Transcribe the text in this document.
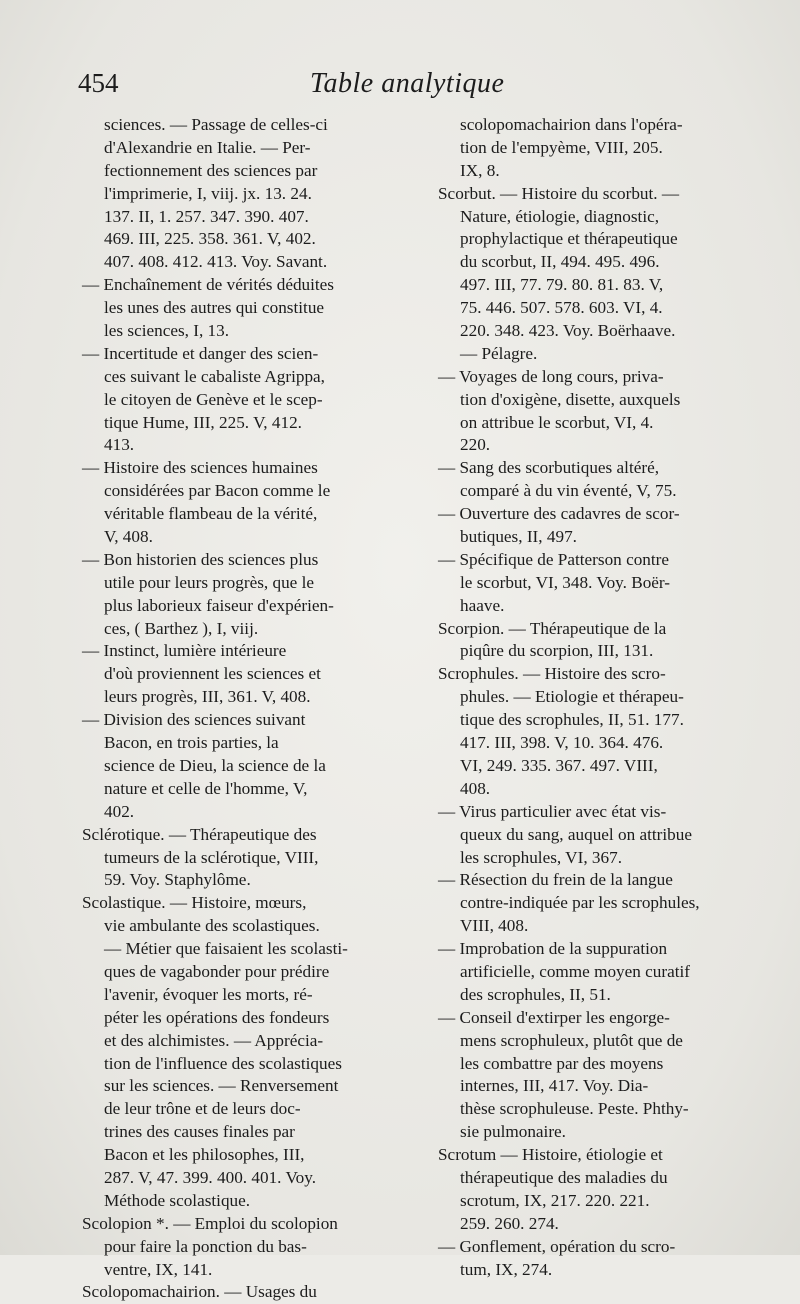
454	Table analytique
sciences. — Passage de celles-ci
d'Alexandrie en Italie. — Per-
fectionnement des sciences par
l'imprimerie, I, viij. jx. 13. 24.
137. II, 1. 257. 347. 390. 407.
469. III, 225. 358. 361. V, 402.
407. 408. 412. 413. Voy. Savant.
— Enchaînement de vérités déduites
les unes des autres qui constitue
les sciences, I, 13.
— Incertitude et danger des scien-
ces suivant le cabaliste Agrippa,
le citoyen de Genève et le scep-
tique Hume, III, 225. V, 412.
413.
— Histoire des sciences humaines
considérées par Bacon comme le
véritable flambeau de la vérité,
V, 408.
— Bon historien des sciences plus
utile pour leurs progrès, que le
plus laborieux faiseur d'expérien-
ces, ( Barthez ), I, viij.
— Instinct, lumière intérieure
d'où proviennent les sciences et
leurs progrès, III, 361. V, 408.
— Division des sciences suivant
Bacon, en trois parties, la
science de Dieu, la science de la
nature et celle de l'homme, V,
402.
Sclérotique. — Thérapeutique des
tumeurs de la sclérotique, VIII,
59. Voy. Staphylôme.
Scolastique. — Histoire, mœurs,
vie ambulante des scolastiques.
— Métier que faisaient les scolasti-
ques de vagabonder pour prédire
l'avenir, évoquer les morts, ré-
péter les opérations des fondeurs
et des alchimistes. — Apprécia-
tion de l'influence des scolastiques
sur les sciences. — Renversement
de leur trône et de leurs doc-
trines des causes finales par
Bacon et les philosophes, III,
287. V, 47. 399. 400. 401. Voy.
Méthode scolastique.
Scolopion *. — Emploi du scolopion
pour faire la ponction du bas-
ventre, IX, 141.
Scolopomachairion. — Usages du
scolopomachairion dans l'opéra-
tion de l'empyème, VIII, 205.
IX, 8.
Scorbut. — Histoire du scorbut. —
Nature, étiologie, diagnostic,
prophylactique et thérapeutique
du scorbut, II, 494. 495. 496.
497. III, 77. 79. 80. 81. 83. V,
75. 446. 507. 578. 603. VI, 4.
220. 348. 423. Voy. Boërhaave.
— Pélagre.
— Voyages de long cours, priva-
tion d'oxigène, disette, auxquels
on attribue le scorbut, VI, 4.
220.
— Sang des scorbutiques altéré,
comparé à du vin éventé, V, 75.
— Ouverture des cadavres de scor-
butiques, II, 497.
— Spécifique de Patterson contre
le scorbut, VI, 348. Voy. Boër-
haave.
Scorpion. — Thérapeutique de la
piqûre du scorpion, III, 131.
Scrophules. — Histoire des scro-
phules. — Etiologie et thérapeu-
tique des scrophules, II, 51. 177.
417. III, 398. V, 10. 364. 476.
VI, 249. 335. 367. 497. VIII,
408.
— Virus particulier avec état vis-
queux du sang, auquel on attribue
les scrophules, VI, 367.
— Résection du frein de la langue
contre-indiquée par les scrophules,
VIII, 408.
— Improbation de la suppuration
artificielle, comme moyen curatif
des scrophules, II, 51.
— Conseil d'extirper les engorge-
mens scrophuleux, plutôt que de
les combattre par des moyens
internes, III, 417. Voy. Dia-
thèse scrophuleuse. Peste. Phthy-
sie pulmonaire.
Scrotum — Histoire, étiologie et
thérapeutique des maladies du
scrotum, IX, 217. 220. 221.
259. 260. 274.
— Gonflement, opération du scro-
tum, IX, 274.
